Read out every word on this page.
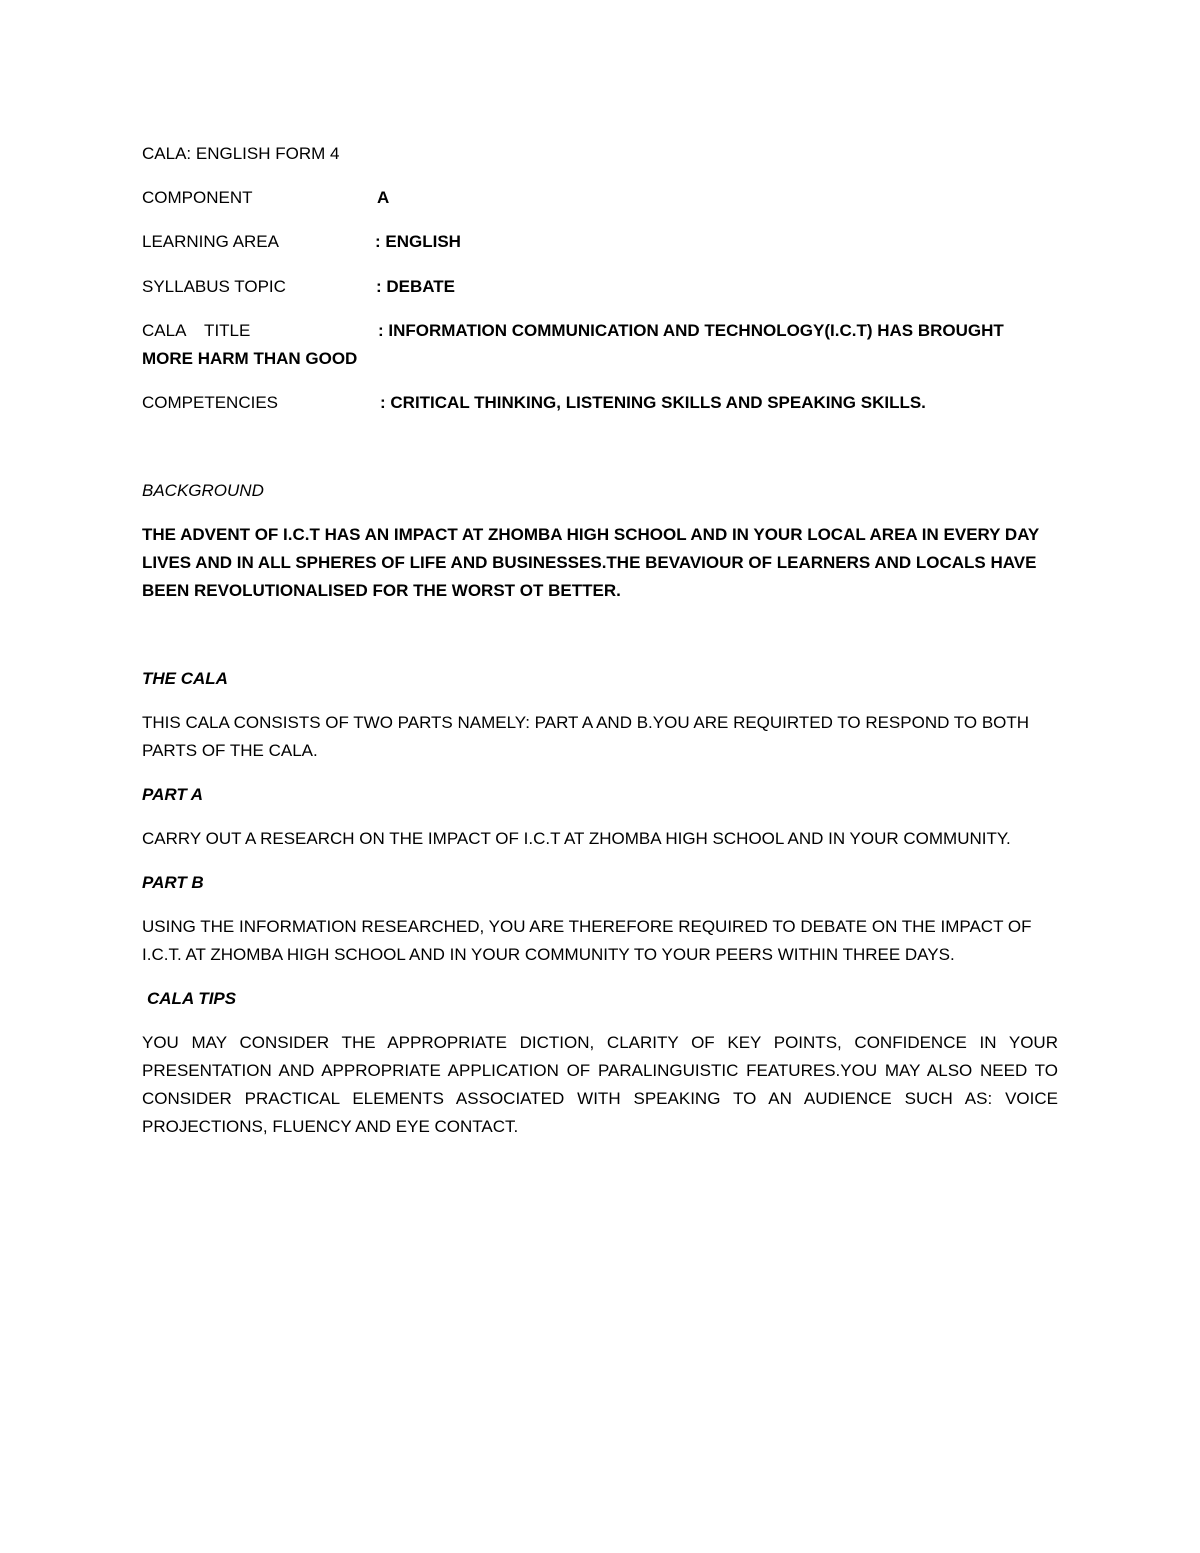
CALA: ENGLISH FORM 4

COMPONENT	A
LEARNING AREA	: ENGLISH
SYLLABUS TOPIC	: DEBATE
CALA    TITLE	: INFORMATION COMMUNICATION AND TECHNOLOGY(I.C.T) HAS BROUGHT

MORE HARM THAN GOOD

COMPETENCIES	: CRITICAL THINKING, LISTENING SKILLS AND SPEAKING SKILLS.

BACKGROUND

THE ADVENT OF I.C.T HAS AN IMPACT AT ZHOMBA HIGH SCHOOL AND IN YOUR LOCAL AREA IN EVERY DAY LIVES AND IN ALL SPHERES OF LIFE AND BUSINESSES.THE BEVAVIOUR OF LEARNERS AND LOCALS HAVE BEEN REVOLUTIONALISED FOR THE WORST OT BETTER.

THE CALA

THIS CALA CONSISTS OF TWO PARTS NAMELY: PART A AND B.YOU ARE REQUIRTED TO RESPOND TO BOTH PARTS OF THE CALA.

PART A

CARRY OUT A RESEARCH ON THE IMPACT OF I.C.T AT ZHOMBA HIGH SCHOOL AND IN YOUR COMMUNITY.

PART B

USING THE INFORMATION RESEARCHED, YOU ARE THEREFORE REQUIRED TO DEBATE ON THE IMPACT OF I.C.T. AT ZHOMBA HIGH SCHOOL AND IN YOUR COMMUNITY TO YOUR PEERS WITHIN THREE DAYS.

CALA TIPS

YOU MAY CONSIDER THE APPROPRIATE DICTION, CLARITY OF KEY POINTS, CONFIDENCE IN YOUR PRESENTATION AND APPROPRIATE APPLICATION OF PARALINGUISTIC FEATURES.YOU MAY ALSO NEED TO CONSIDER PRACTICAL ELEMENTS ASSOCIATED WITH SPEAKING TO AN AUDIENCE SUCH AS: VOICE PROJECTIONS, FLUENCY AND EYE CONTACT.
